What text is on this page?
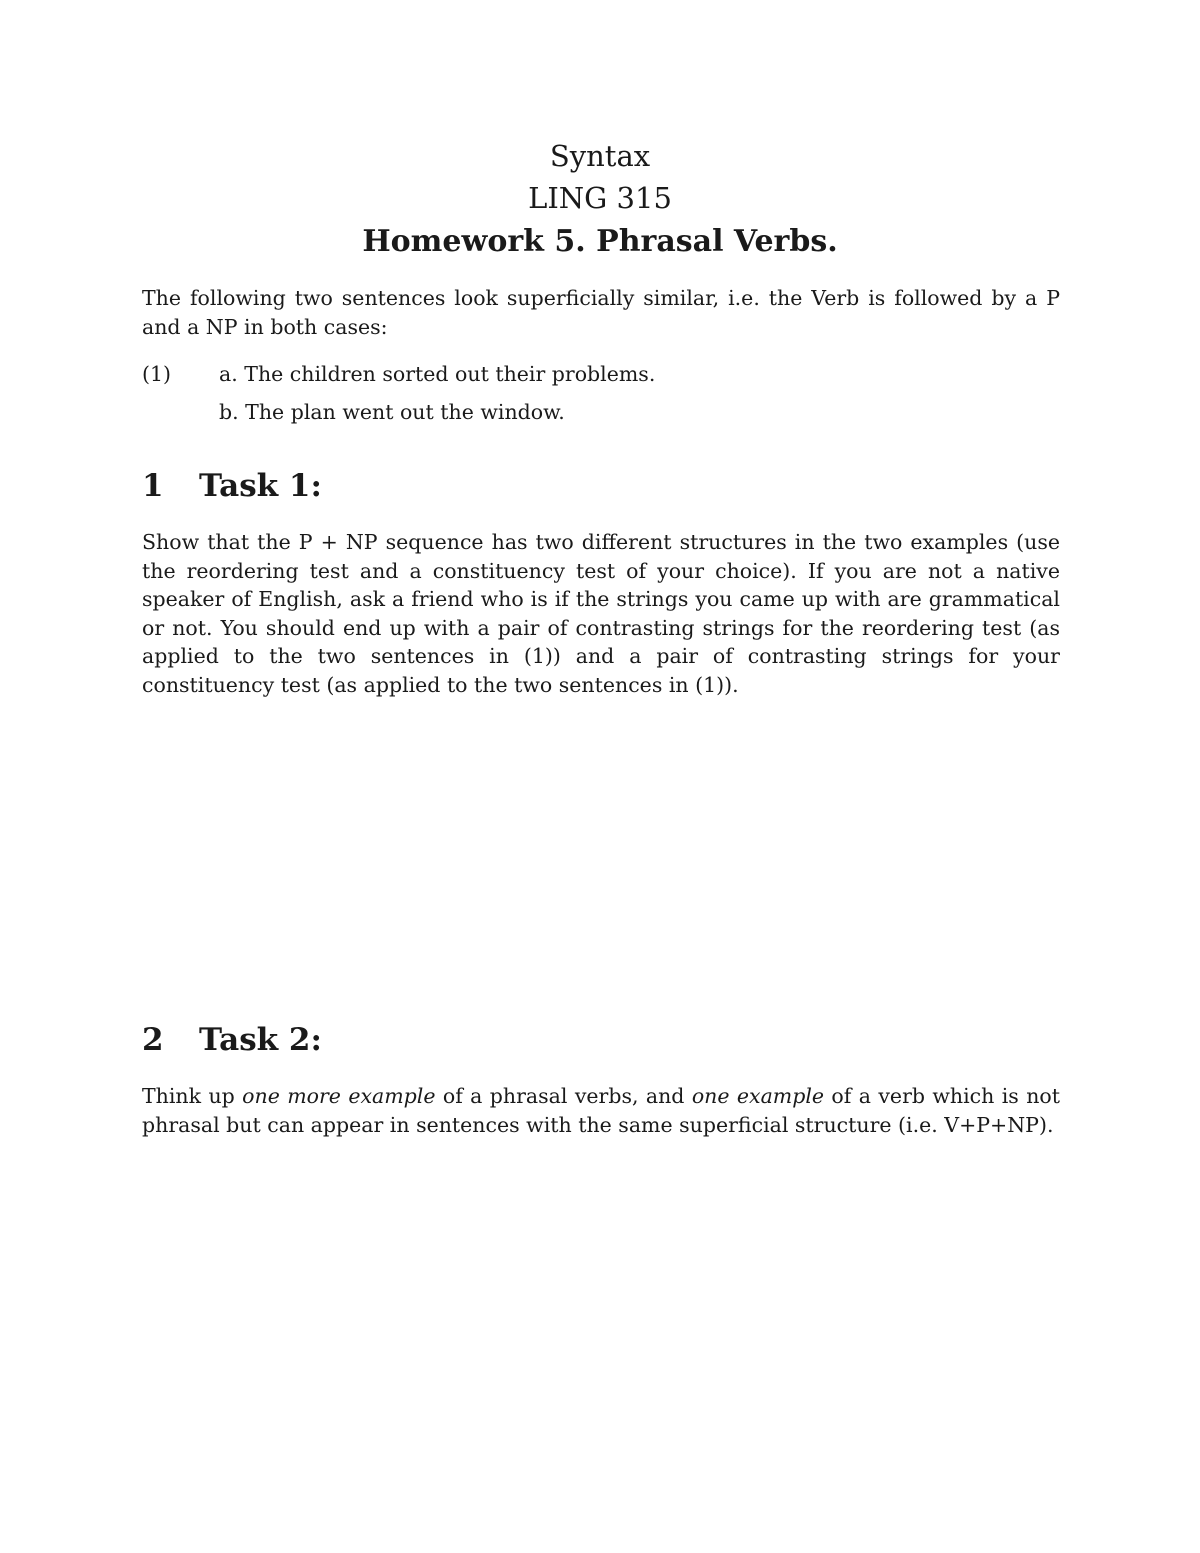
Syntax
LING 315
Homework 5. Phrasal Verbs.

The following two sentences look superficially similar, i.e. the Verb is followed by a P and a NP in both cases:

(1) a. The children sorted out their problems.
b. The plan went out the window.
1 Task 1:

Show that the P + NP sequence has two different structures in the two examples (use the reordering test and a constituency test of your choice). If you are not a native speaker of English, ask a friend who is if the strings you came up with are grammatical or not. You should end up with a pair of contrasting strings for the reordering test (as applied to the two sentences in (1)) and a pair of contrasting strings for your constituency test (as applied to the two sentences in (1)).

2 Task 2:

Think up one more example of a phrasal verbs, and one example of a verb which is not phrasal but can appear in sentences with the same superficial structure (i.e. V+P+NP).
